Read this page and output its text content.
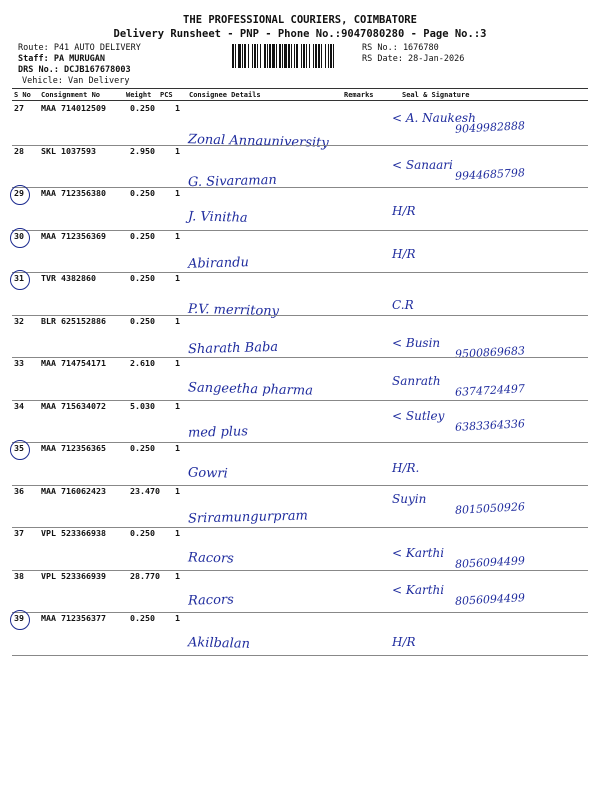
THE PROFESSIONAL COURIERS, COIMBATORE
Delivery Runsheet - PNP - Phone No.:9047080280 - Page No.:3
Route: P41 AUTO DELIVERY
Staff: PA MURUGAN
DRS No.: DCJB167678003
Vehicle: Van Delivery
RS No.: 1676780
RS Date: 28-Jan-2026
S No Consignment No	Weight PCS Consignee Details	Remarks	Seal & Signature
27 MAA 714012509	0.250 1
Zonal Annauniversity
< A. Naukesh
9049982888
28 SKL 1037593	2.950 1
G. Sivaraman
< Sanaari
9944685798
29 MAA 712356380	0.250 1
J. Vinitha	H/R
30 MAA 712356369	0.250 1
Abirandu
H/R
31 TVR 4382860	0.250 1
P.V. merritony	C.R
32 BLR 625152886	0.250 1
Sharath Baba	< Busin
9500869683
33 MAA 714754171	2.610 1
Sangeetha pharma	Sanrath
6374724497
34 MAA 715634072	5.030 1
med plus
< Sutley
6383364336
35 MAA 712356365	0.250 1
Gowri	H/R.
36 MAA 716062423	23.470 1
Sriramungurpram
Suyin
8015050926
37 VPL 523366938	0.250 1
Racors	< Karthi
8056094499
38 VPL 523366939	28.770 1
Racors
< Karthi
8056094499
39 MAA 712356377	0.250 1
Akilbalan	H/R
